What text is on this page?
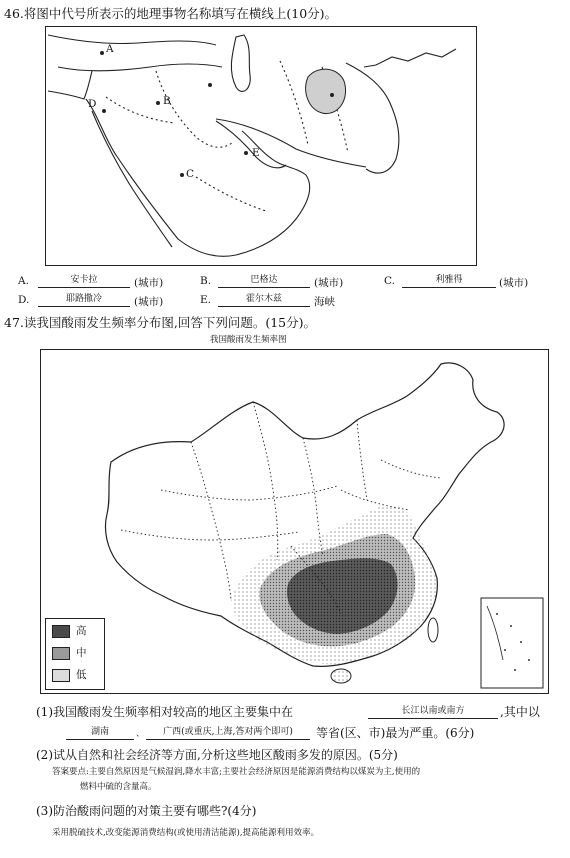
46.将图中代号所表示的地理事物名称填写在横线上(10分)。
A
B
C
D
E
A.	安卡拉	(城市)	B.	巴格达	(城市)	C.	利雅得	(城市)
D.	耶路撒冷	(城市)	E.	霍尔木兹	海峡
47.读我国酸雨发生频率分布图,回答下列问题。(15分)。
我国酸雨发生频率图
高
中
低
(1)我国酸雨发生频率相对较高的地区主要集中在	长江以南或南方	,其中以
湖南	、	广西(或重庆,上海,答对两个即可)	等省(区、市)最为严重。(6分)
(2)试从自然和社会经济等方面,分析这些地区酸雨多发的原因。(5分)
答案要点:主要自然原因是气候湿润,降水丰富;主要社会经济原因是能源消费结构以煤炭为主,使用的
燃料中硫的含量高。
(3)防治酸雨问题的对策主要有哪些?(4分)
采用脱硫技术,改变能源消费结构(或使用清洁能源),提高能源利用效率。
